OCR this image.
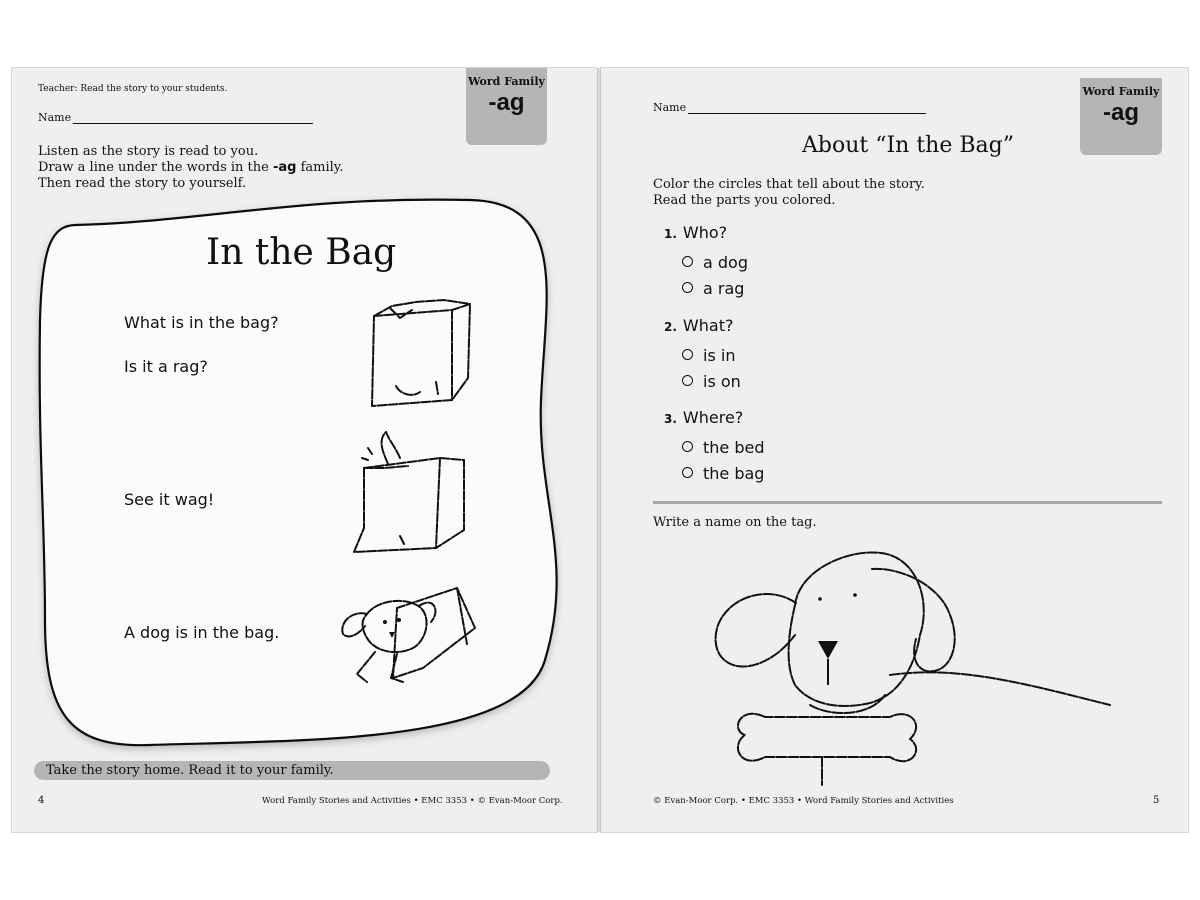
Teacher: Read the story to your students.
Name
Word Family
-ag
Listen as the story is read to you.
Draw a line under the words in the -ag family.
Then read the story to yourself.
In the Bag
What is in the bag?
Is it a rag?
See it wag!
A dog is in the bag.
Take the story home. Read it to your family.
4	Word Family Stories and Activities • EMC 3353 • © Evan-Moor Corp.
Name
Word Family
-ag
About “In the Bag”
Color the circles that tell about the story.
Read the parts you colored.
1. Who?
a dog
a rag
2. What?
is in
is on
3. Where?
the bed
the bag
Write a name on the tag.
© Evan-Moor Corp. • EMC 3353 • Word Family Stories and Activities	5
